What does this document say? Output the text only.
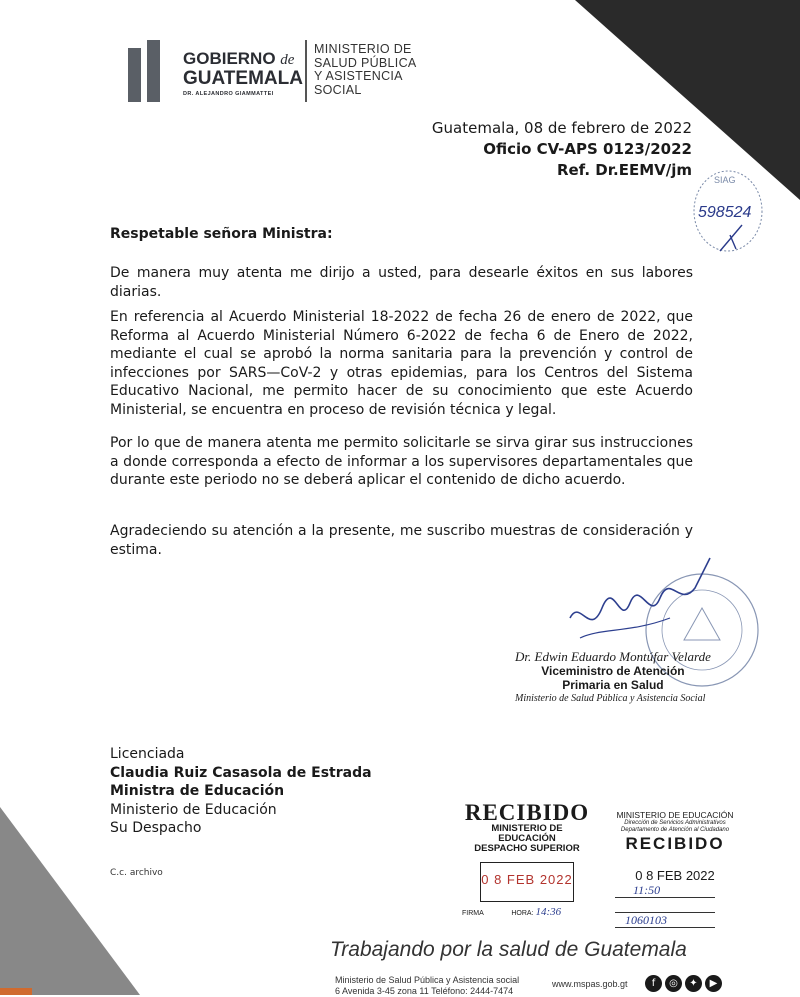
GOBIERNO de
GUATEMALA
DR. ALEJANDRO GIAMMATTEI
MINISTERIO DE
SALUD PÚBLICA
Y ASISTENCIA
SOCIAL
SIAG
598524
Guatemala, 08 de febrero de 2022
Oficio CV-APS 0123/2022
Ref. Dr.EEMV/jm
Respetable señora Ministra:
De manera muy atenta me dirijo a usted, para desearle éxitos en sus labores diarias.
En referencia al Acuerdo Ministerial 18-2022 de fecha 26 de enero de 2022, que Reforma al Acuerdo Ministerial Número 6-2022 de fecha 6 de Enero de 2022, mediante el cual se aprobó la norma sanitaria para la prevención y control de infecciones por SARS—CoV-2 y otras epidemias, para los Centros del Sistema Educativo Nacional, me permito hacer de su conocimiento que este Acuerdo Ministerial, se encuentra en proceso de revisión técnica y legal.
Por lo que de manera atenta me permito solicitarle se sirva girar sus instrucciones a donde corresponda a efecto de informar a los supervisores departamentales que durante este periodo no se deberá aplicar el contenido de dicho acuerdo.
Agradeciendo su atención a la presente, me suscribo muestras de consideración y estima.
Dr. Edwin Eduardo Montúfar Velarde
Viceministro de Atención
Primaria en Salud
Ministerio de Salud Pública y Asistencia Social
Licenciada
Claudia Ruiz Casasola de Estrada
Ministra de Educación
Ministerio de Educación
Su Despacho
C.c. archivo
RECIBIDO
MINISTERIO DE EDUCACIÓN
DESPACHO SUPERIOR
0 8 FEB 2022
FIRMA	HORA: 14:36
MINISTERIO DE EDUCACIÓN
Dirección de Servicios Administrativos
Departamento de Atención al Ciudadano
RECIBIDO
0 8 FEB 2022
11:50
1060103
Trabajando por la salud de Guatemala
Ministerio de Salud Pública y Asistencia social
6 Avenida 3-45 zona 11 Teléfono: 2444-7474
www.mspas.gob.gt	f	◎	✦	▶
